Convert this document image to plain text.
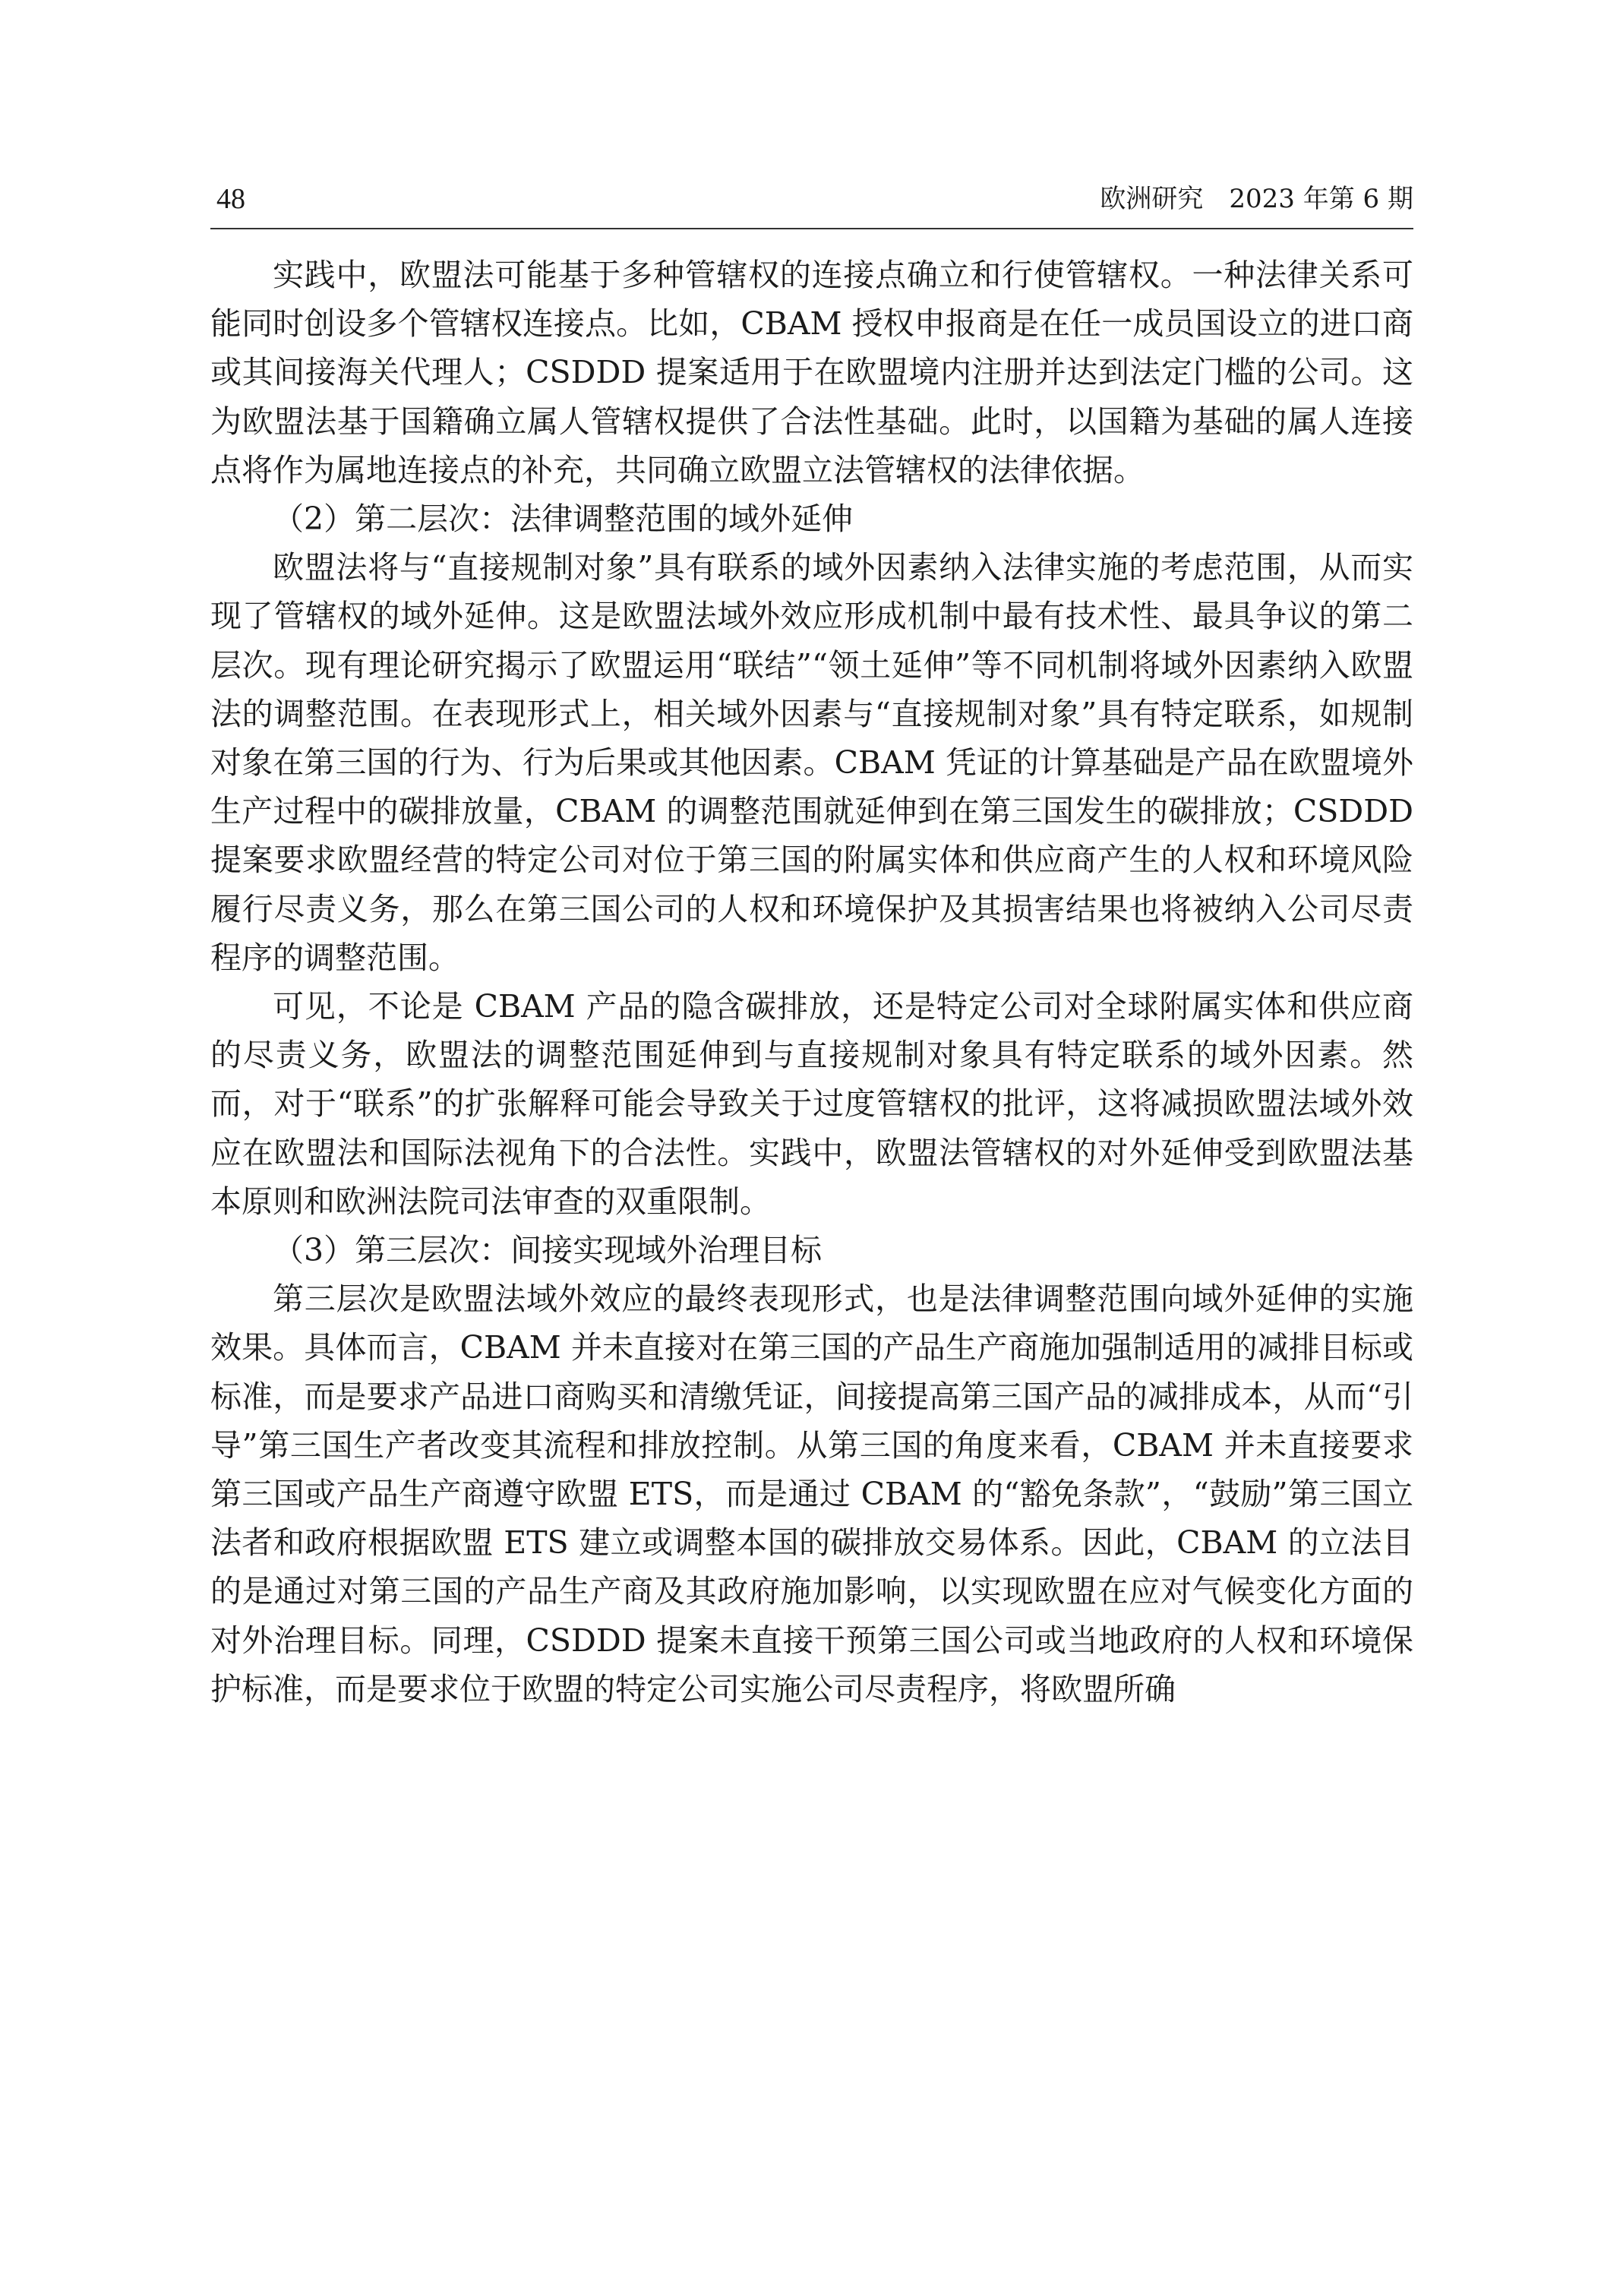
48	欧洲研究　2023 年第 6 期

实践中，欧盟法可能基于多种管辖权的连接点确立和行使管辖权。一种法律关系可能同时创设多个管辖权连接点。比如，CBAM 授权申报商是在任一成员国设立的进口商或其间接海关代理人；CSDDD 提案适用于在欧盟境内注册并达到法定门槛的公司。这为欧盟法基于国籍确立属人管辖权提供了合法性基础。此时，以国籍为基础的属人连接点将作为属地连接点的补充，共同确立欧盟立法管辖权的法律依据。

（2）第二层次：法律调整范围的域外延伸

欧盟法将与“直接规制对象”具有联系的域外因素纳入法律实施的考虑范围，从而实现了管辖权的域外延伸。这是欧盟法域外效应形成机制中最有技术性、最具争议的第二层次。现有理论研究揭示了欧盟运用“联结”“领土延伸”等不同机制将域外因素纳入欧盟法的调整范围。在表现形式上，相关域外因素与“直接规制对象”具有特定联系，如规制对象在第三国的行为、行为后果或其他因素。CBAM 凭证的计算基础是产品在欧盟境外生产过程中的碳排放量，CBAM 的调整范围就延伸到在第三国发生的碳排放；CSDDD 提案要求欧盟经营的特定公司对位于第三国的附属实体和供应商产生的人权和环境风险履行尽责义务，那么在第三国公司的人权和环境保护及其损害结果也将被纳入公司尽责程序的调整范围。

可见，不论是 CBAM 产品的隐含碳排放，还是特定公司对全球附属实体和供应商的尽责义务，欧盟法的调整范围延伸到与直接规制对象具有特定联系的域外因素。然而，对于“联系”的扩张解释可能会导致关于过度管辖权的批评，这将减损欧盟法域外效应在欧盟法和国际法视角下的合法性。实践中，欧盟法管辖权的对外延伸受到欧盟法基本原则和欧洲法院司法审查的双重限制。

（3）第三层次：间接实现域外治理目标

第三层次是欧盟法域外效应的最终表现形式，也是法律调整范围向域外延伸的实施效果。具体而言，CBAM 并未直接对在第三国的产品生产商施加强制适用的减排目标或标准，而是要求产品进口商购买和清缴凭证，间接提高第三国产品的减排成本，从而“引导”第三国生产者改变其流程和排放控制。从第三国的角度来看，CBAM 并未直接要求第三国或产品生产商遵守欧盟 ETS，而是通过 CBAM 的“豁免条款”，“鼓励”第三国立法者和政府根据欧盟 ETS 建立或调整本国的碳排放交易体系。因此，CBAM 的立法目的是通过对第三国的产品生产商及其政府施加影响，以实现欧盟在应对气候变化方面的对外治理目标。同理，CSDDD 提案未直接干预第三国公司或当地政府的人权和环境保护标准，而是要求位于欧盟的特定公司实施公司尽责程序，将欧盟所确
